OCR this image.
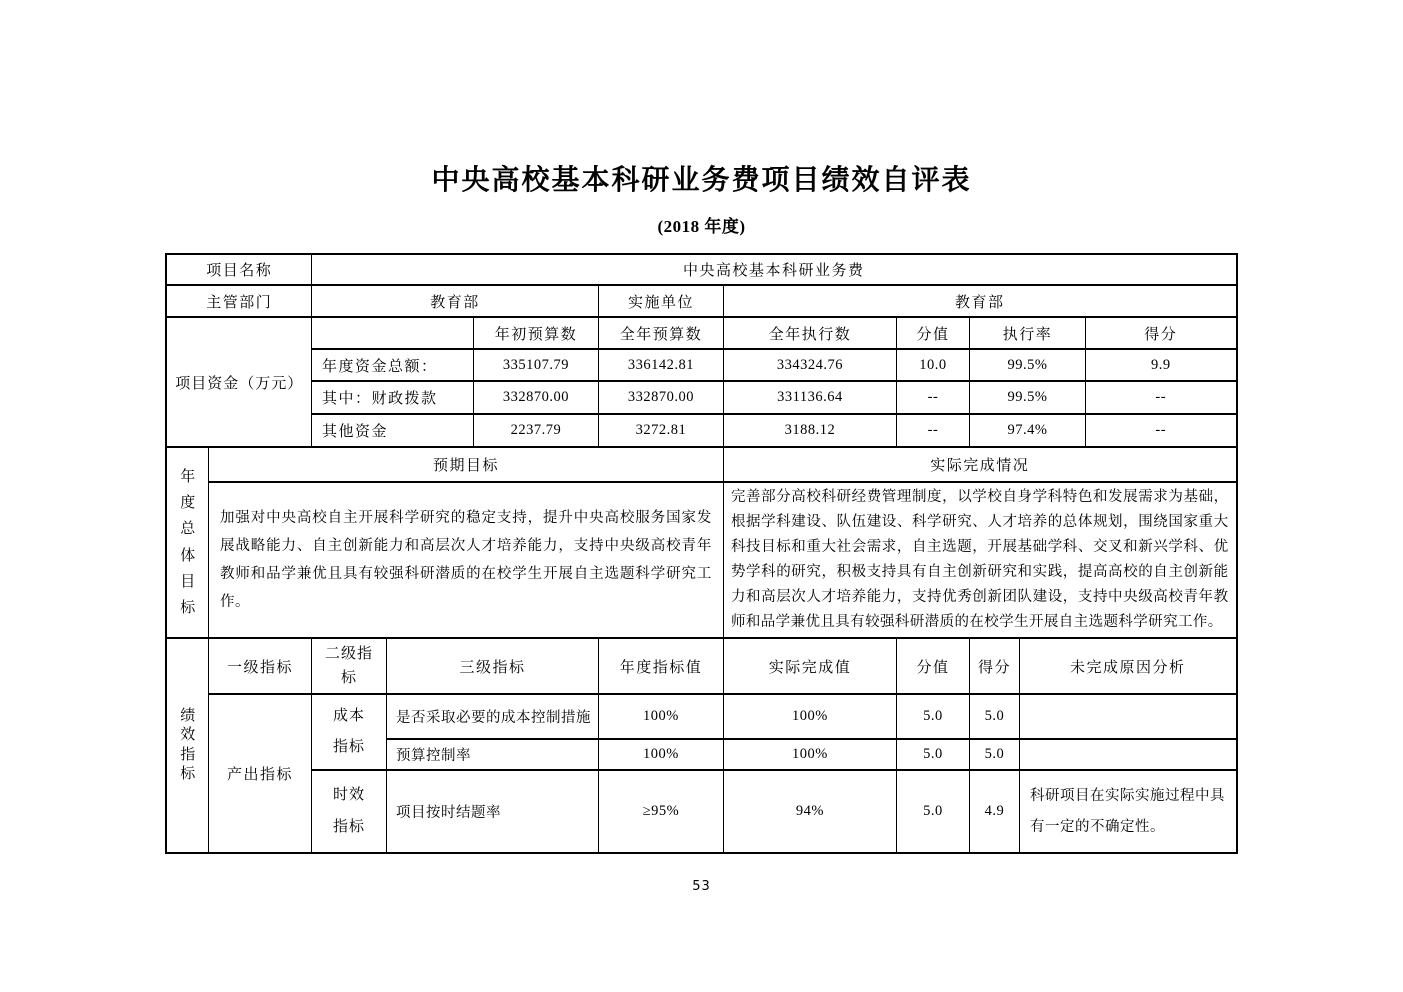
中央高校基本科研业务费项目绩效自评表
(2018 年度)
项目名称		中央高校基本科研业务费								
主管部门		教育部			实施单位	教育部				
项目资金（万元）				年初预算数	全年预算数	全年执行数	分值	执行率		得分
		年度资金总额：		335107.79	336142.81	334324.76	10.0	99.5%		9.9
		其中：财政拨款		332870.00	332870.00	331136.64	--	99.5%		--
		其他资金		2237.79	3272.81	3188.12	--	97.4%		--
年度总体目标	预期目标					实际完成情况				
	加强对中央高校自主开展科学研究的稳定支持，提升中央高校服务国家发展战略能力、自主创新能力和高层次人才培养能力，支持中央级高校青年教师和品学兼优且具有较强科研潜质的在校学生开展自主选题科学研究工作。					完善部分高校科研经费管理制度，以学校自身学科特色和发展需求为基础，根据学科建设、队伍建设、科学研究、人才培养的总体规划，围绕国家重大科技目标和重大社会需求，自主选题，开展基础学科、交叉和新兴学科、优势学科的研究，积极支持具有自主创新研究和实践，提高高校的自主创新能力和高层次人才培养能力，支持优秀创新团队建设，支持中央级高校青年教师和品学兼优且具有较强科研潜质的在校学生开展自主选题科学研究工作。				
绩效指标	一级指标	二级指标	三级指标		年度指标值	实际完成值	分值	得分	未完成原因分析	
	产出指标	成本指标	是否采取必要的成本控制措施		100%	100%	5.0	5.0		
			预算控制率		100%	100%	5.0	5.0		
		时效指标	项目按时结题率		≥95%	94%	5.0	4.9	科研项目在实际实施过程中具有一定的不确定性。	
53
